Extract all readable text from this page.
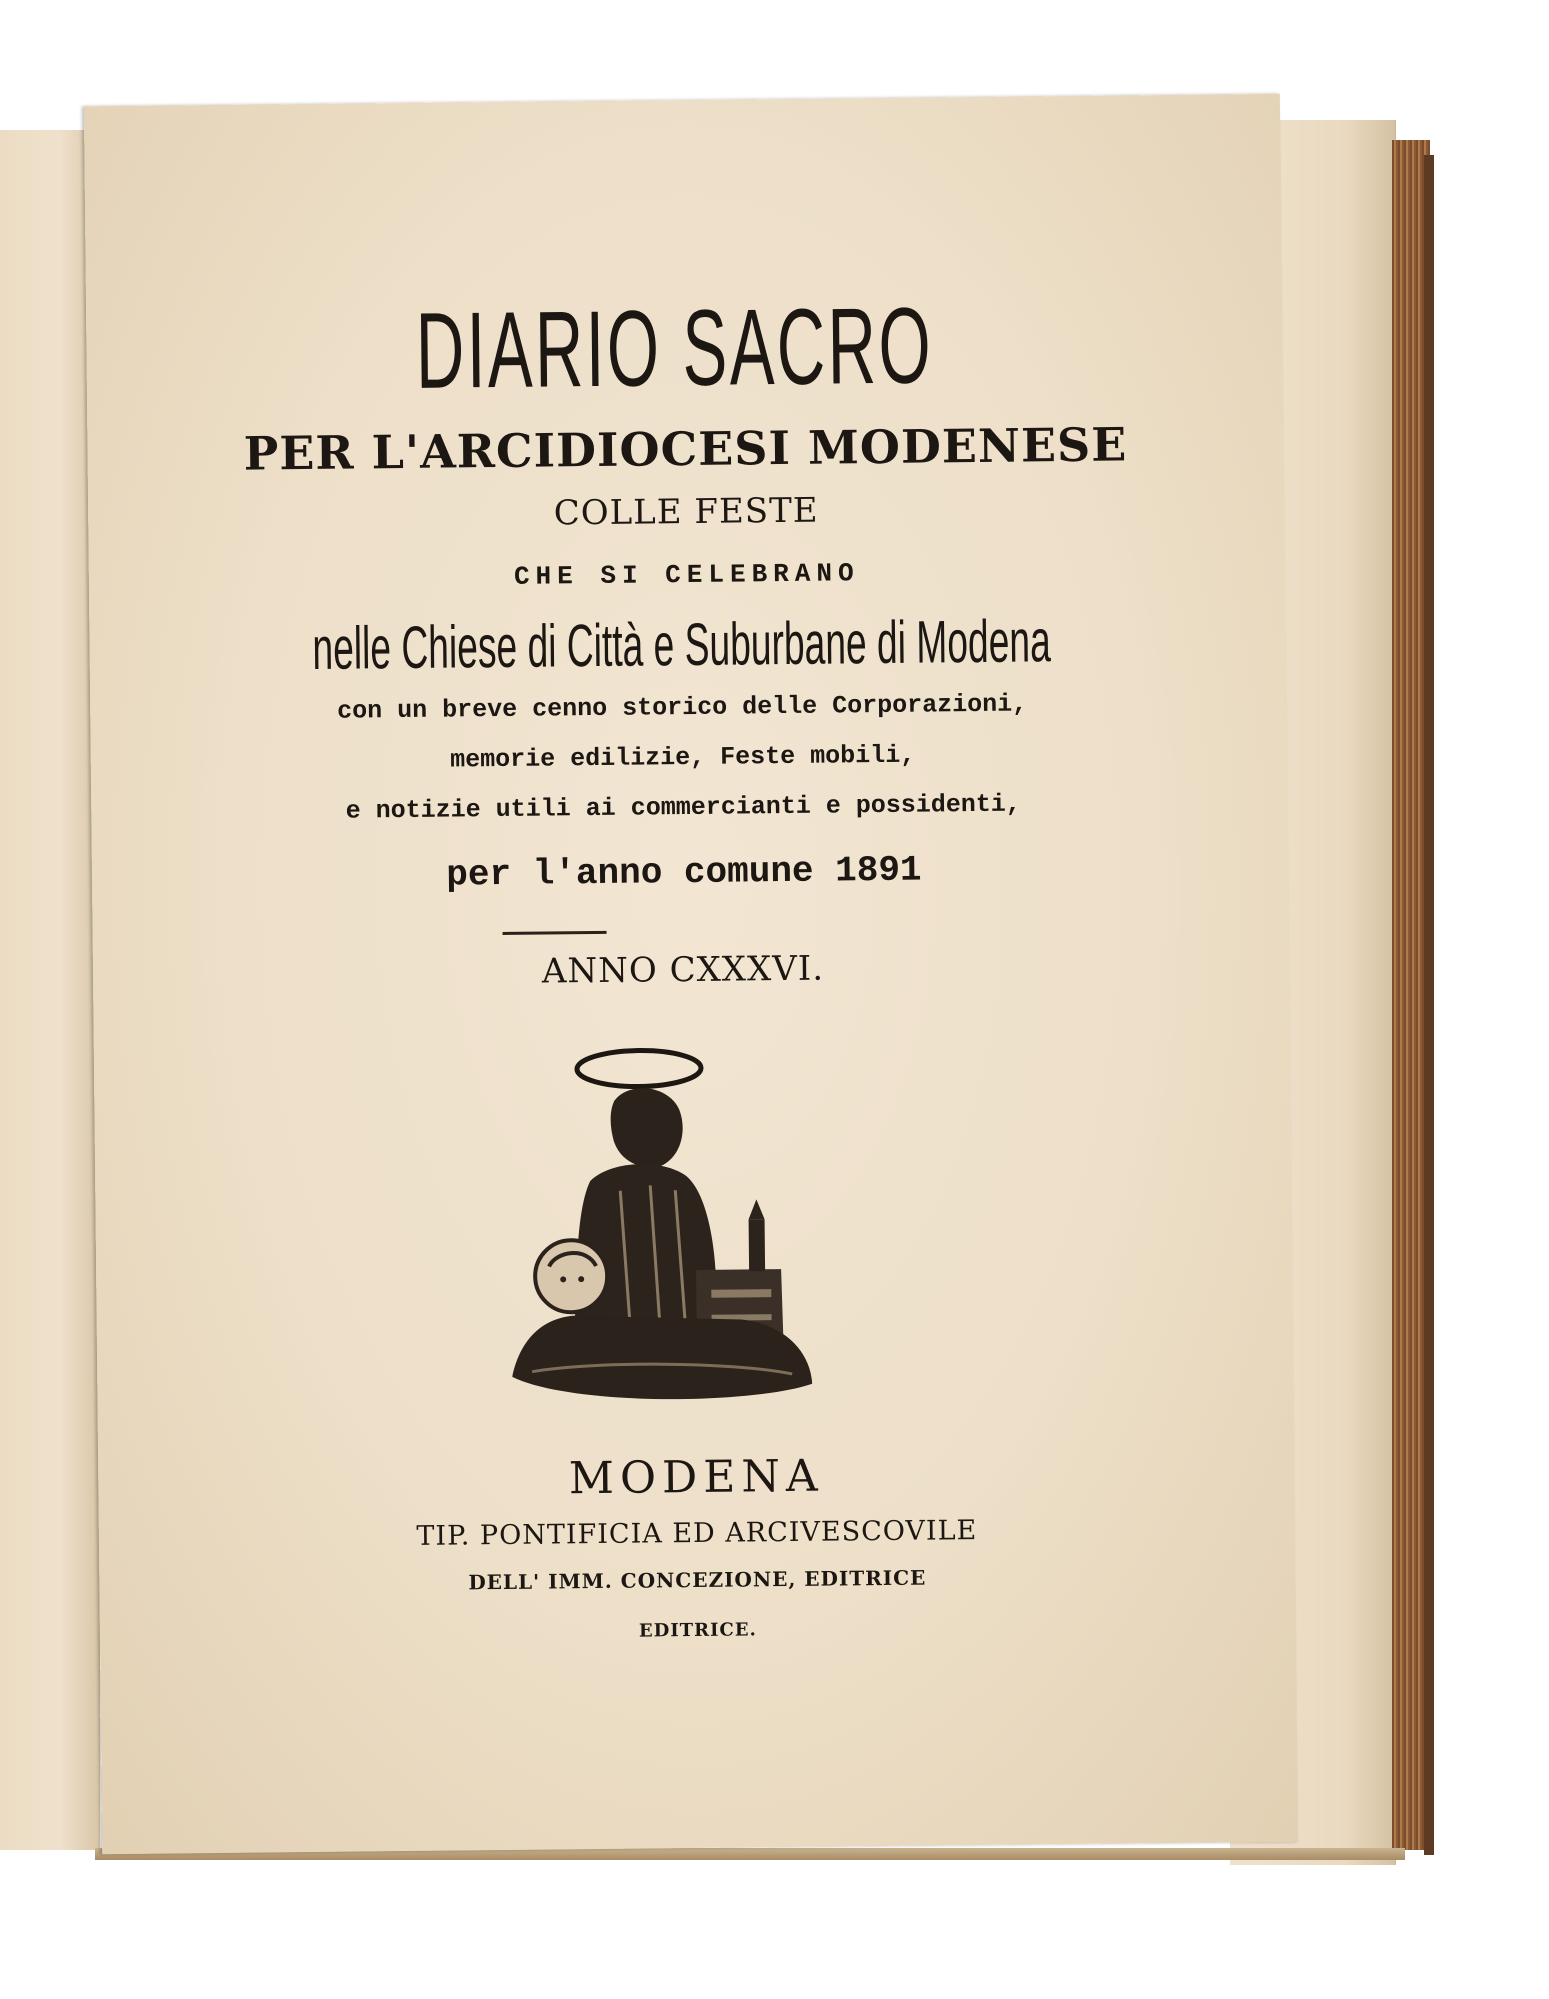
DIARIO SACRO
PER L'ARCIDIOCESI MODENESE
COLLE FESTE
CHE SI CELEBRANO
nelle Chiese di Città e Suburbane di Modena
con un breve cenno storico delle Corporazioni,
memorie edilizie, Feste mobili,
e notizie utili ai commercianti e possidenti,
per l'anno comune 1891
ANNO CXXXVI.
MODENA
TIP. PONTIFICIA ED ARCIVESCOVILE
DELL' IMM. CONCEZIONE, EDITRICE
EDITRICE.
